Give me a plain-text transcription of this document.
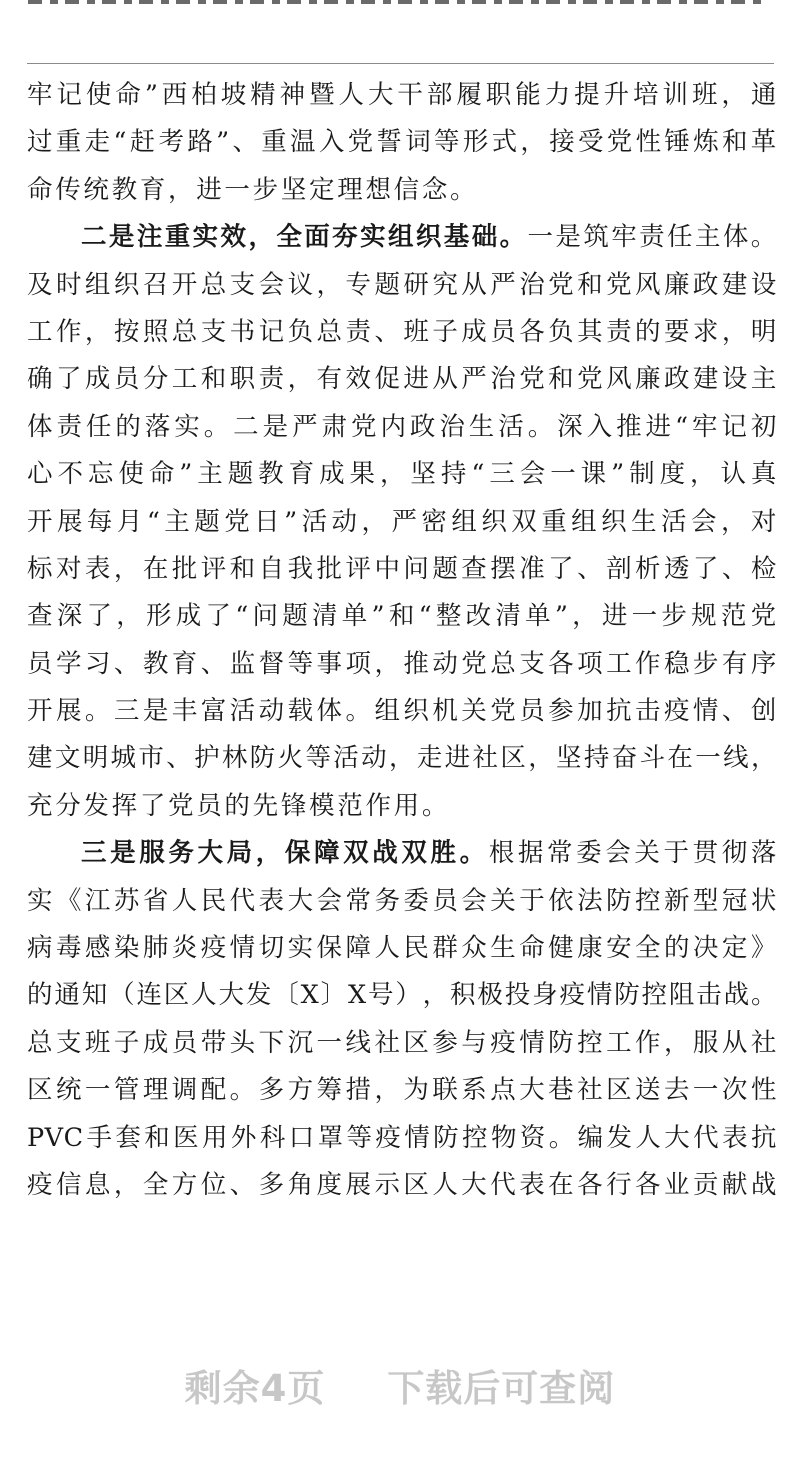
牢 记 使 命 ” 西 柏 坡 精 神 暨 人 大 干 部 履 职 能 力 提 升 培 训 班 ， 通
过 重 走 “ 赶 考 路 ” 、 重 温 入 党 誓 词 等 形 式 ， 接 受 党 性 锤 炼 和 革
命 传 统 教 育 ， 进 一 步 坚 定 理 想 信 念 。
二 是 注 重 实 效 ， 全 面 夯 实 组 织 基 础 。 一 是 筑 牢 责 任 主 体 。
及 时 组 织 召 开 总 支 会 议 ， 专 题 研 究 从 严 治 党 和 党 风 廉 政 建 设
工 作 ， 按 照 总 支 书 记 负 总 责 、 班 子 成 员 各 负 其 责 的 要 求 ， 明
确 了 成 员 分 工 和 职 责 ， 有 效 促 进 从 严 治 党 和 党 风 廉 政 建 设 主
体 责 任 的 落 实 。 二 是 严 肃 党 内 政 治 生 活 。 深 入 推 进 “ 牢 记 初
心 不 忘 使 命 ” 主 题 教 育 成 果 ， 坚 持 “ 三 会 一 课 ” 制 度 ， 认 真
开 展 每 月 “ 主 题 党 日 ” 活 动 ， 严 密 组 织 双 重 组 织 生 活 会 ， 对
标 对 表 ， 在 批 评 和 自 我 批 评 中 问 题 查 摆 准 了 、 剖 析 透 了 、 检
查 深 了 ， 形 成 了 “ 问 题 清 单 ” 和 “ 整 改 清 单 ” ， 进 一 步 规 范 党
员 学 习 、 教 育 、 监 督 等 事 项 ， 推 动 党 总 支 各 项 工 作 稳 步 有 序
开 展 。 三 是 丰 富 活 动 载 体 。 组 织 机 关 党 员 参 加 抗 击 疫 情 、 创
建 文 明 城 市 、 护 林 防 火 等 活 动 ， 走 进 社 区 ， 坚 持 奋 斗 在 一 线 ，
充 分 发 挥 了 党 员 的 先 锋 模 范 作 用 。
三 是 服 务 大 局 ， 保 障 双 战 双 胜 。 根 据 常 委 会 关 于 贯 彻 落
实 《 江 苏 省 人 民 代 表 大 会 常 务 委 员 会 关 于 依 法 防 控 新 型 冠 状
病 毒 感 染 肺 炎 疫 情 切 实 保 障 人 民 群 众 生 命 健 康 安 全 的 决 定 》
的 通 知 （ 连 区 人 大 发 〔 X 〕 X 号 ） ， 积 极 投 身 疫 情 防 控 阻 击 战 。
总 支 班 子 成 员 带 头 下 沉 一 线 社 区 参 与 疫 情 防 控 工 作 ， 服 从 社
区 统 一 管 理 调 配 。 多 方 筹 措 ， 为 联 系 点 大 巷 社 区 送 去 一 次 性
PVC 手 套 和 医 用 外 科 口 罩 等 疫 情 防 控 物 资 。 编 发 人 大 代 表 抗
疫 信 息 ， 全 方 位 、 多 角 度 展 示 区 人 大 代 表 在 各 行 各 业 贡 献 战
剩余4页 下载后可查阅
